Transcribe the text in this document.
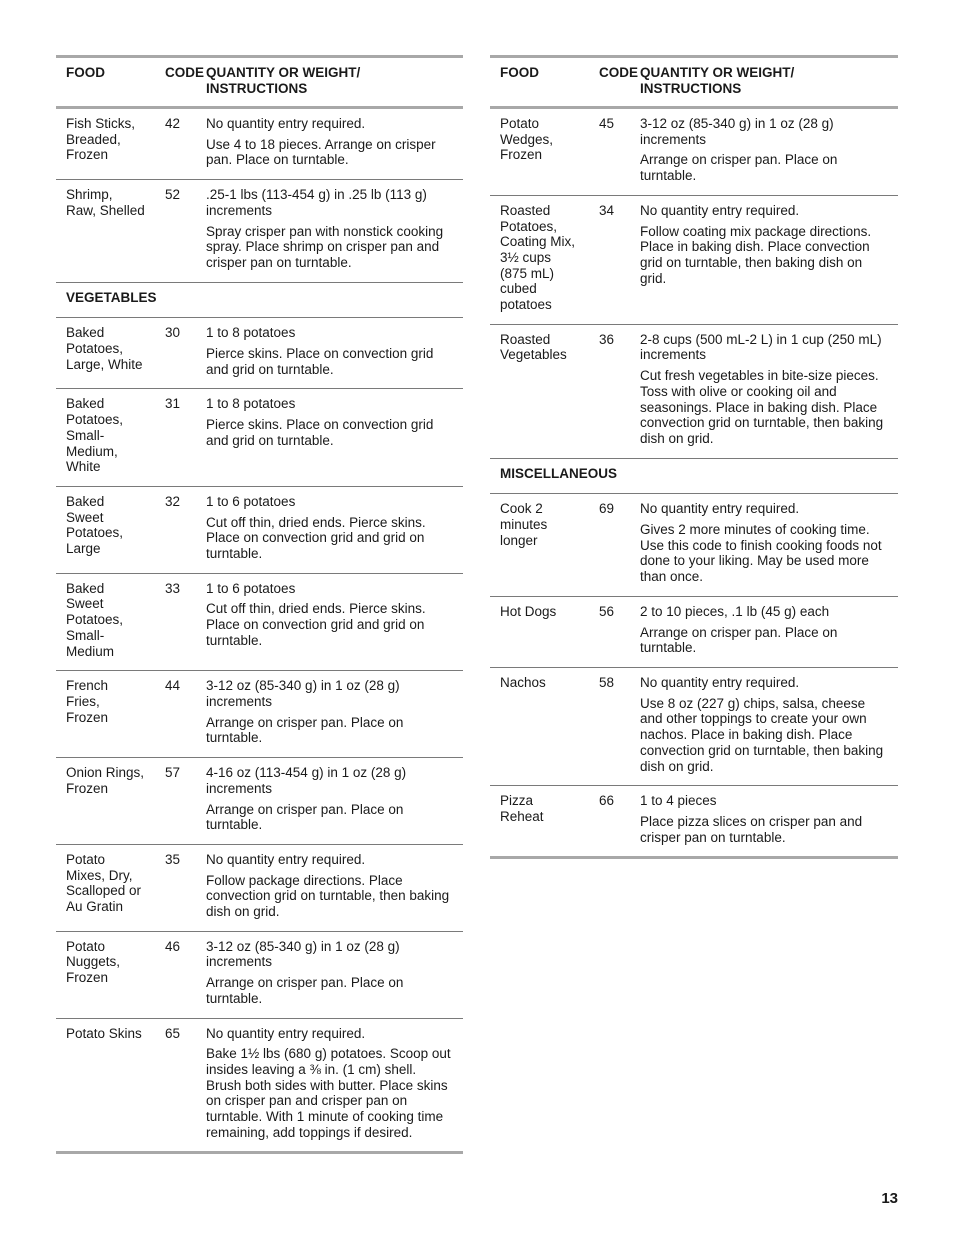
FOOD	CODE	QUANTITY OR WEIGHT/ INSTRUCTIONS
Fish Sticks, Breaded, Frozen	42	No quantity entry required.

Use 4 to 18 pieces. Arrange on crisper pan. Place on turntable.

Shrimp, Raw, Shelled	52	.25-1 lbs (113-454 g) in .25 lb (113 g) increments

Spray crisper pan with nonstick cooking spray. Place shrimp on crisper pan and crisper pan on turntable.

VEGETABLES		
Baked Potatoes, Large, White	30	1 to 8 potatoes

Pierce skins. Place on convection grid and grid on turntable.

Baked Potatoes, Small-Medium, White	31	1 to 8 potatoes

Pierce skins. Place on convection grid and grid on turntable.

Baked Sweet Potatoes, Large	32	1 to 6 potatoes

Cut off thin, dried ends. Pierce skins. Place on convection grid and grid on turntable.

Baked Sweet Potatoes, Small-Medium	33	1 to 6 potatoes

Cut off thin, dried ends. Pierce skins. Place on convection grid and grid on turntable.

French Fries, Frozen	44	3-12 oz (85-340 g) in 1 oz (28 g) increments

Arrange on crisper pan. Place on turntable.

Onion Rings, Frozen	57	4-16 oz (113-454 g) in 1 oz (28 g) increments

Arrange on crisper pan. Place on turntable.

Potato Mixes, Dry, Scalloped or Au Gratin	35	No quantity entry required.

Follow package directions. Place convection grid on turntable, then baking dish on grid.

Potato Nuggets, Frozen	46	3-12 oz (85-340 g) in 1 oz (28 g) increments

Arrange on crisper pan. Place on turntable.

Potato Skins	65	No quantity entry required.

Bake 1½ lbs (680 g) potatoes. Scoop out insides leaving a ⅜ in. (1 cm) shell. Brush both sides with butter. Place skins on crisper pan and crisper pan on turntable. With 1 minute of cooking time remaining, add toppings if desired.

FOOD	CODE	QUANTITY OR WEIGHT/ INSTRUCTIONS
Potato Wedges, Frozen	45	3-12 oz (85-340 g) in 1 oz (28 g) increments

Arrange on crisper pan. Place on turntable.

Roasted Potatoes, Coating Mix, 3½ cups (875 mL) cubed potatoes	34	No quantity entry required.

Follow coating mix package directions. Place in baking dish. Place convection grid on turntable, then baking dish on grid.

Roasted Vegetables	36	2-8 cups (500 mL-2 L) in 1 cup (250 mL) increments

Cut fresh vegetables in bite-size pieces. Toss with olive or cooking oil and seasonings. Place in baking dish. Place convection grid on turntable, then baking dish on grid.

MISCELLANEOUS		
Cook 2 minutes longer	69	No quantity entry required.

Gives 2 more minutes of cooking time. Use this code to finish cooking foods not done to your liking. May be used more than once.

Hot Dogs	56	2 to 10 pieces, .1 lb (45 g) each

Arrange on crisper pan. Place on turntable.

Nachos	58	No quantity entry required.

Use 8 oz (227 g) chips, salsa, cheese and other toppings to create your own nachos. Place in baking dish. Place convection grid on turntable, then baking dish on grid.

Pizza Reheat	66	1 to 4 pieces

Place pizza slices on crisper pan and crisper pan on turntable.

13
